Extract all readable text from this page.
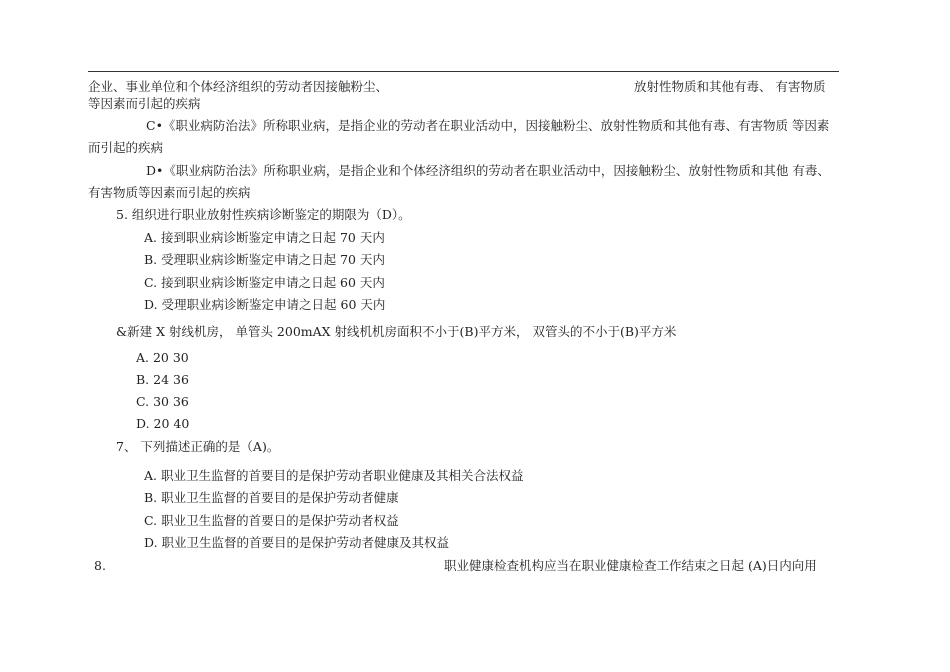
企业、事业单位和个体经济组织的劳动者因接触粉尘、	放射性物质和其他有毒、 有害物质
等因素而引起的疾病
C•《职业病防治法》所称职业病，是指企业的劳动者在职业活动中，因接触粉尘、放射性物质和其他有毒、有害物质 等因素
而引起的疾病
D•《职业病防治法》所称职业病，是指企业和个体经济组织的劳动者在职业活动中，因接触粉尘、放射性物质和其他 有毒、
有害物质等因素而引起的疾病
5. 组织进行职业放射性疾病诊断鉴定的期限为（D）。
A. 接到职业病诊断鉴定申请之日起 70 天内
B. 受理职业病诊断鉴定申请之日起 70 天内
C. 接到职业病诊断鉴定申请之日起 60 天内
D. 受理职业病诊断鉴定申请之日起 60 天内
&新建 X 射线机房， 单管头 200mAX 射线机机房面积不小于(B)平方米， 双管头的不小于(B)平方米
A. 20 30
B. 24 36
C. 30 36
D. 20 40
7、 下列描述正确的是（A)。
A. 职业卫生监督的首要目的是保护劳动者职业健康及其相关合法权益
B. 职业卫生监督的首要目的是保护劳动者健康
C. 职业卫生监督的首要日的是保护劳动者权益
D. 职业卫生监督的首要目的是保护劳动者健康及其权益
8.	职业健康检查机构应当在职业健康检查工作结束之日起 (A)日内向用
